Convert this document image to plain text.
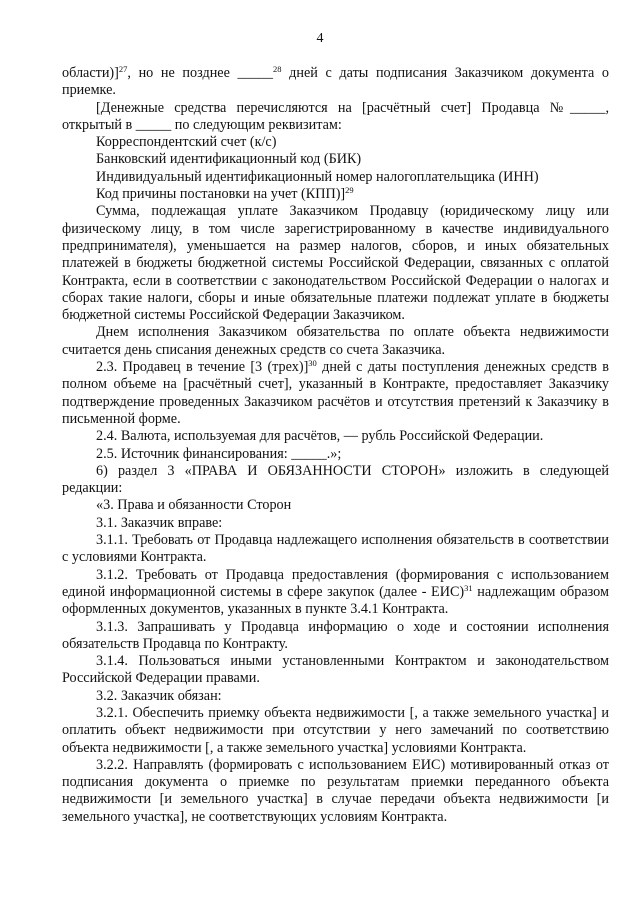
4

области)]$^{27}$, но не позднее _____$^{28}$ дней с даты подписания Заказчиком документа о приемке.

[Денежные средства перечисляются на [расчётный счет] Продавца №_____, открытый в _____ по следующим реквизитам:

Корреспондентский счет (к/с)

Банковский идентификационный код (БИК)

Индивидуальный идентификационный номер налогоплательщика (ИНН)

Код причины постановки на учет (КПП)]$^{29}$

Сумма, подлежащая уплате Заказчиком Продавцу (юридическому лицу или физическому лицу, в том числе зарегистрированному в качестве индивидуального предпринимателя), уменьшается на размер налогов, сборов, и иных обязательных платежей в бюджеты бюджетной системы Российской Федерации, связанных с оплатой Контракта, если в соответствии с законодательством Российской Федерации о налогах и сборах такие налоги, сборы и иные обязательные платежи подлежат уплате в бюджеты бюджетной системы Российской Федерации Заказчиком.

Днем исполнения Заказчиком обязательства по оплате объекта недвижимости считается день списания денежных средств со счета Заказчика.

2.3. Продавец в течение [3 (трех)]$^{30}$ дней с даты поступления денежных средств в полном объеме на [расчётный счет], указанный в Контракте, предоставляет Заказчику подтверждение проведенных Заказчиком расчётов и отсутствия претензий к Заказчику в письменной форме.

2.4. Валюта, используемая для расчётов, — рубль Российской Федерации.

2.5. Источник финансирования: _____.»;

6) раздел 3 «ПРАВА И ОБЯЗАННОСТИ СТОРОН» изложить в следующей редакции:

«3. Права и обязанности Сторон

3.1. Заказчик вправе:

3.1.1. Требовать от Продавца надлежащего исполнения обязательств в соответствии с условиями Контракта.

3.1.2. Требовать от Продавца предоставления (формирования с использованием единой информационной системы в сфере закупок (далее - ЕИС)$^{31}$ надлежащим образом оформленных документов, указанных в пункте 3.4.1 Контракта.

3.1.3. Запрашивать у Продавца информацию о ходе и состоянии исполнения обязательств Продавца по Контракту.

3.1.4. Пользоваться иными установленными Контрактом и законодательством Российской Федерации правами.

3.2. Заказчик обязан:

3.2.1. Обеспечить приемку объекта недвижимости [, а также земельного участка] и оплатить объект недвижимости при отсутствии у него замечаний по соответствию объекта недвижимости [, а также земельного участка] условиями Контракта.

3.2.2. Направлять (формировать с использованием ЕИС) мотивированный отказ от подписания документа о приемке по результатам приемки переданного объекта недвижимости [и земельного участка] в случае передачи объекта недвижимости [и земельного участка], не соответствующих условиям Контракта.
